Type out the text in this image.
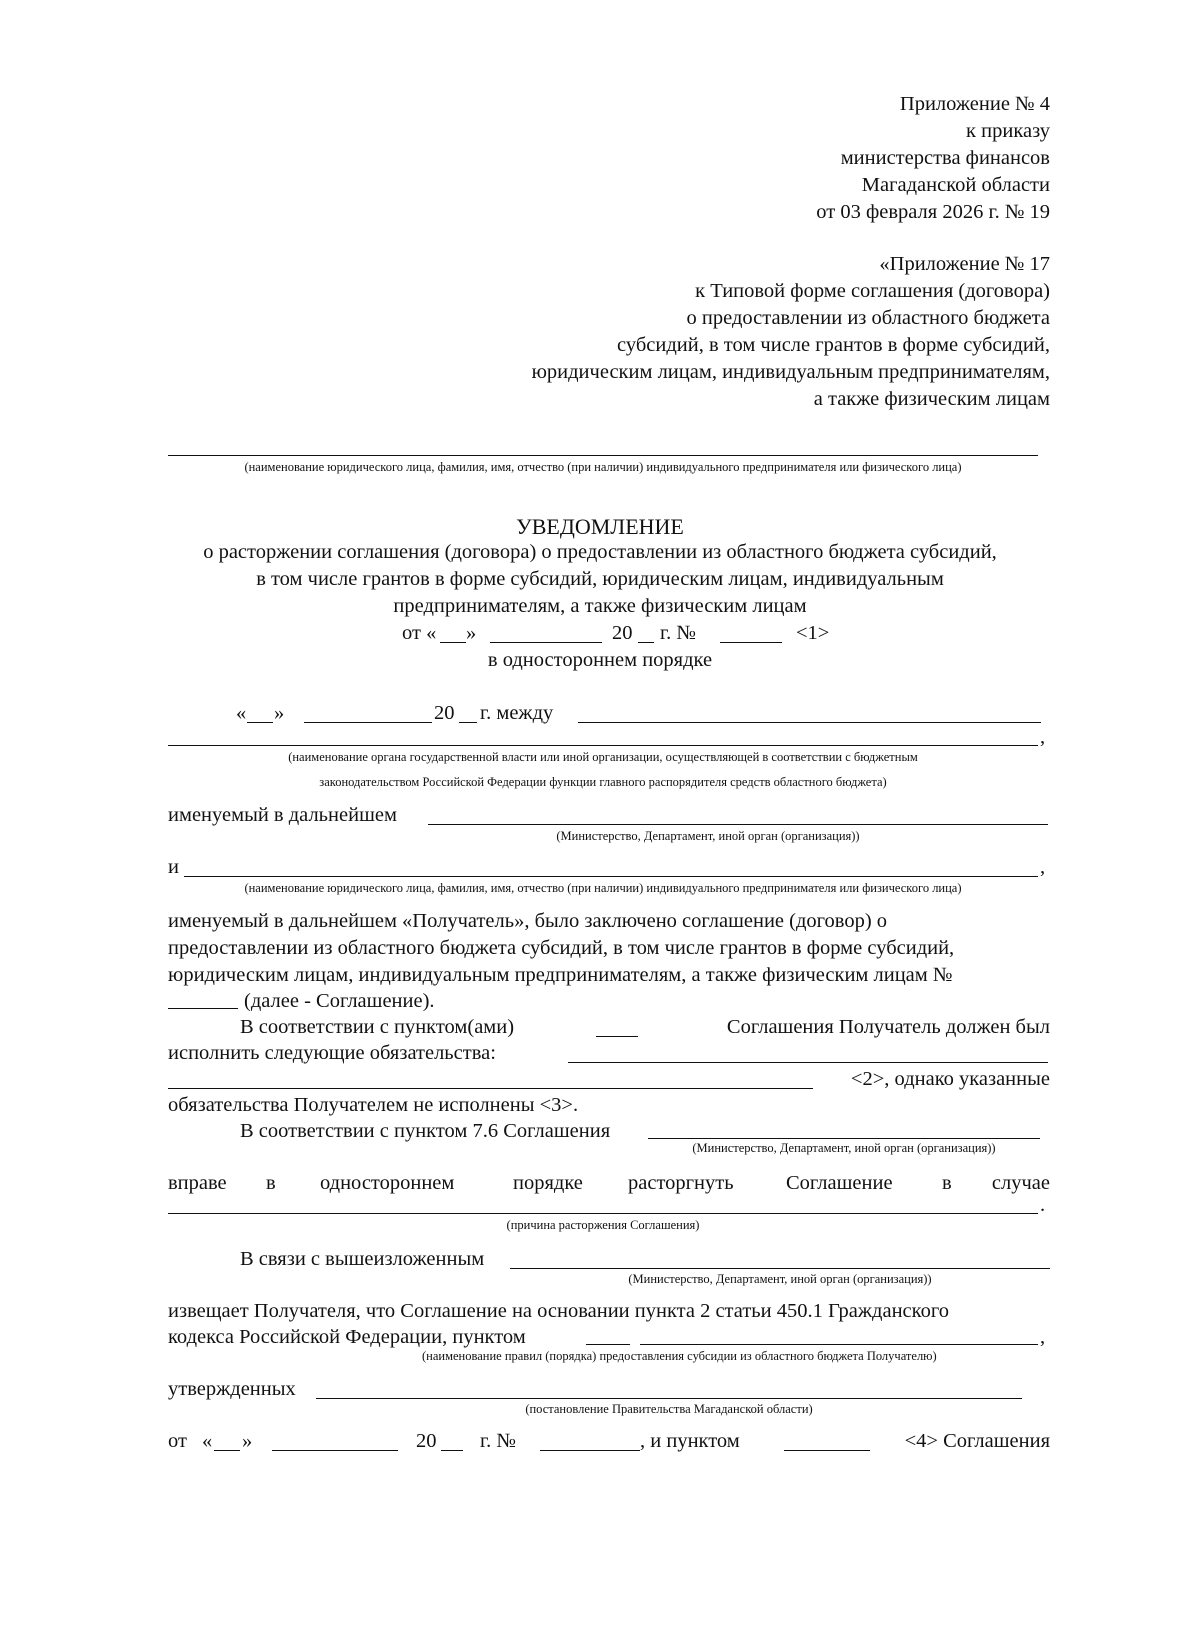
Приложение № 4
к приказу
министерства финансов
Магаданской области
от 03 февраля 2026 г. № 19
«Приложение № 17
к Типовой форме соглашения (договора)
о предоставлении из областного бюджета
субсидий, в том числе грантов в форме субсидий,
юридическим лицам, индивидуальным предпринимателям,
а также физическим лицам
(наименование юридического лица, фамилия, имя, отчество (при наличии) индивидуального предпринимателя или физического лица)
УВЕДОМЛЕНИЕ
о расторжении соглашения (договора) о предоставлении из областного бюджета субсидий,
в том числе грантов в форме субсидий, юридическим лицам, индивидуальным
предпринимателям, а также физическим лицам
от « »	20 г. №	<1>
в одностороннем порядке
« »	20 г. между
,
(наименование органа государственной власти или иной организации, осуществляющей в соответствии с бюджетным
законодательством Российской Федерации функции главного распорядителя средств областного бюджета)
именуемый в дальнейшем
(Министерство, Департамент, иной орган (организация))
и	,
(наименование юридического лица, фамилия, имя, отчество (при наличии) индивидуального предпринимателя или физического лица)
именуемый в дальнейшем «Получатель», было заключено соглашение (договор) о
предоставлении из областного бюджета субсидий, в том числе грантов в форме субсидий,
юридическим лицам, индивидуальным предпринимателям, а также физическим лицам №
(далее - Соглашение).
В соответствии с пунктом(ами)	Соглашения Получатель должен был
исполнить следующие обязательства:
<2>, однако указанные
обязательства Получателем не исполнены <3>.
В соответствии с пунктом 7.6 Соглашения
(Министерство, Департамент, иной орган (организация))
вправе в одностороннем	порядке расторгнуть	Соглашение в случае
.
(причина расторжения Соглашения)
В связи с вышеизложенным
(Министерство, Департамент, иной орган (организация))
извещает Получателя, что Соглашение на основании пункта 2 статьи 450.1 Гражданского
кодекса Российской Федерации, пунктом	,
(наименование правил (порядка) предоставления субсидии из областного бюджета Получателю)
утвержденных
(постановление Правительства Магаданской области)
от « »	20 г. №	, и пунктом	<4> Соглашения
